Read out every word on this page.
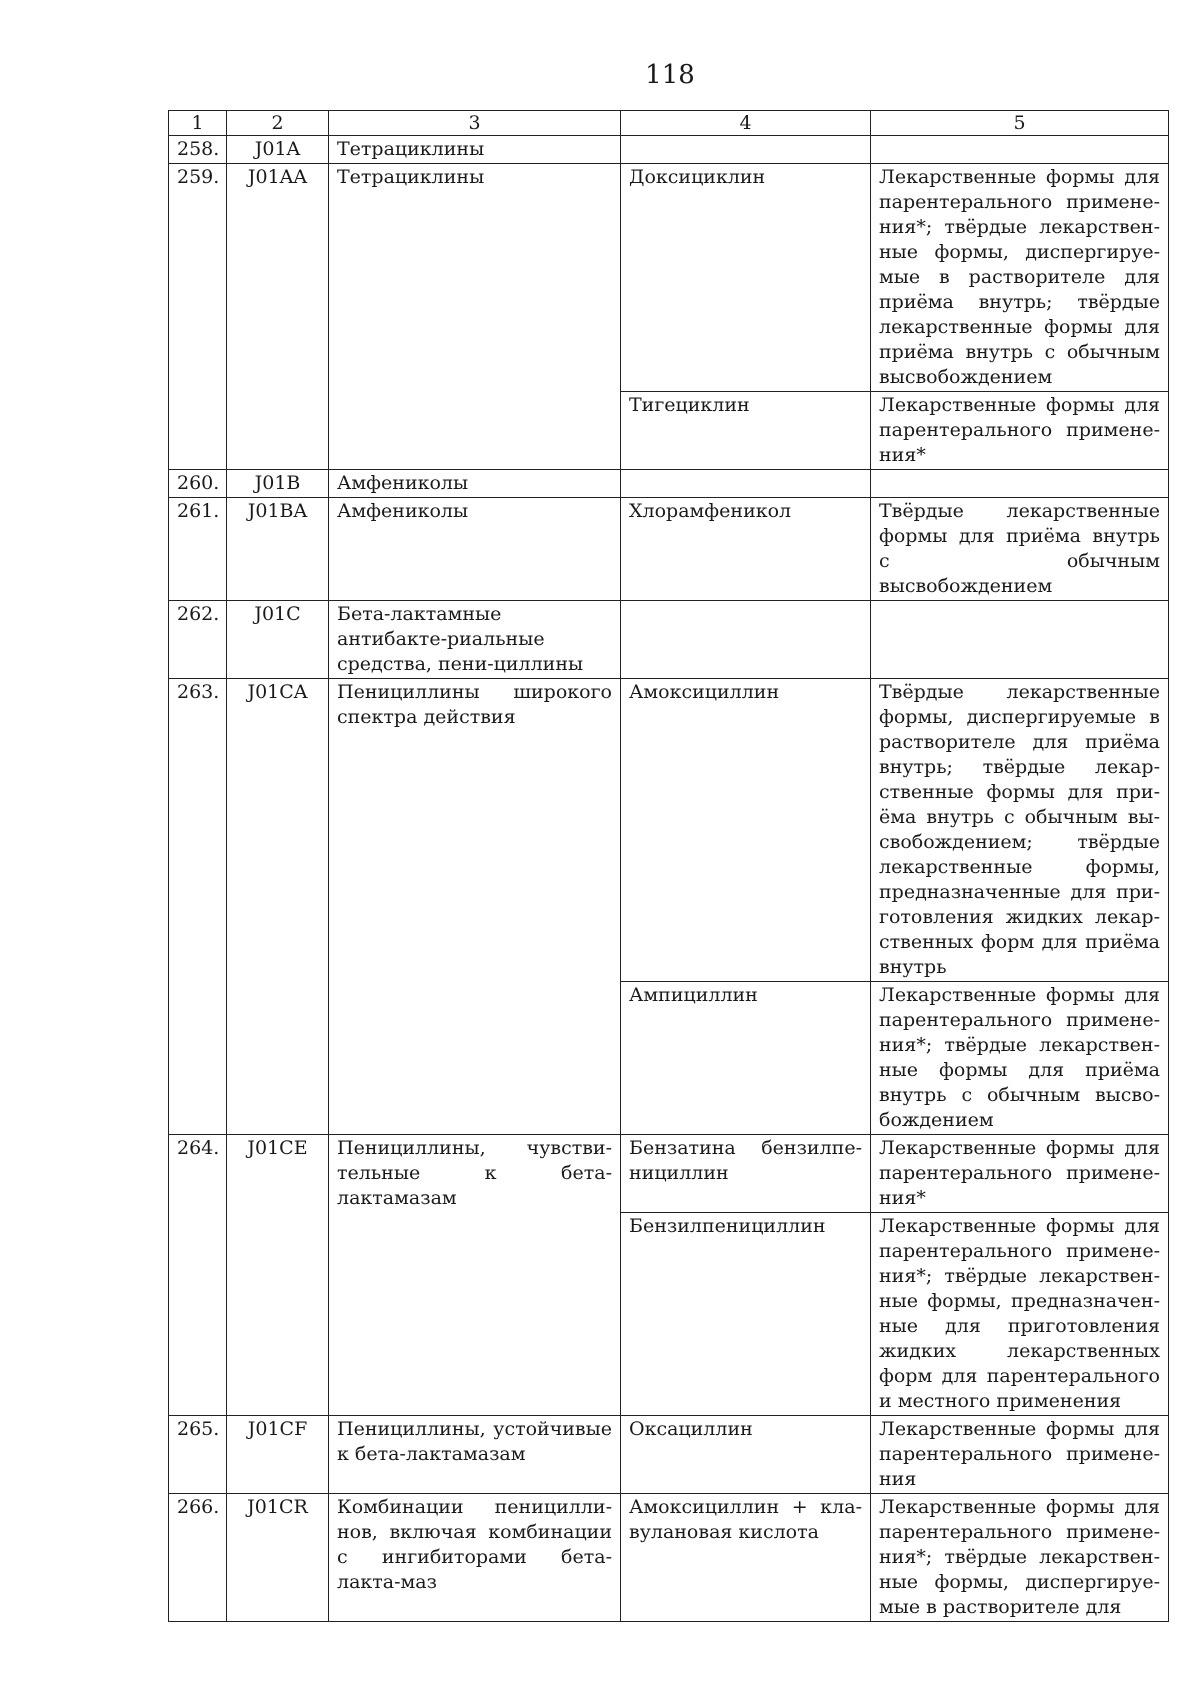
118
1	2	3	4	5
258.	J01A	Тетрациклины		
259.	J01AA	Тетрациклины	Доксициклин	Лекарственные формы для парентерального примене-ния*; твёрдые лекарствен-ные формы, диспергируе-мые в растворителе для приёма внутрь; твёрдые лекарственные формы для приёма внутрь с обычным высвобождением
			Тигециклин	Лекарственные формы для парентерального примене-ния*
260.	J01B	Амфениколы		
261.	J01BA	Амфениколы	Хлорамфеникол	Твёрдые лекарственные формы для приёма внутрь с обычным высвобождением
262.	J01C	Бета-лактамные антибакте-риальные средства, пени-циллины		
263.	J01CA	Пенициллины широкого спектра действия	Амоксициллин	Твёрдые лекарственные формы, диспергируемые в растворителе для приёма внутрь; твёрдые лекар-ственные формы для при-ёма внутрь с обычным вы-свобождением; твёрдые лекарственные формы, предназначенные для при-готовления жидких лекар-ственных форм для приёма внутрь
			Ампициллин	Лекарственные формы для парентерального примене-ния*; твёрдые лекарствен-ные формы для приёма внутрь с обычным высво-бождением
264.	J01CE	Пенициллины, чувстви-тельные к бета-лактамазам	Бензатина бензилпе-нициллин	Лекарственные формы для парентерального примене-ния*
			Бензилпенициллин	Лекарственные формы для парентерального примене-ния*; твёрдые лекарствен-ные формы, предназначен-ные для приготовления жидких лекарственных форм для парентерального и местного применения
265.	J01CF	Пенициллины, устойчивые к бета-лактамазам	Оксациллин	Лекарственные формы для парентерального примене-ния
266.	J01CR	Комбинации пеницилли-нов, включая комбинации с ингибиторами бета-лакта-маз	Амоксициллин + кла-вулановая кислота	Лекарственные формы для парентерального примене-ния*; твёрдые лекарствен-ные формы, диспергируе-мые в растворителе для
